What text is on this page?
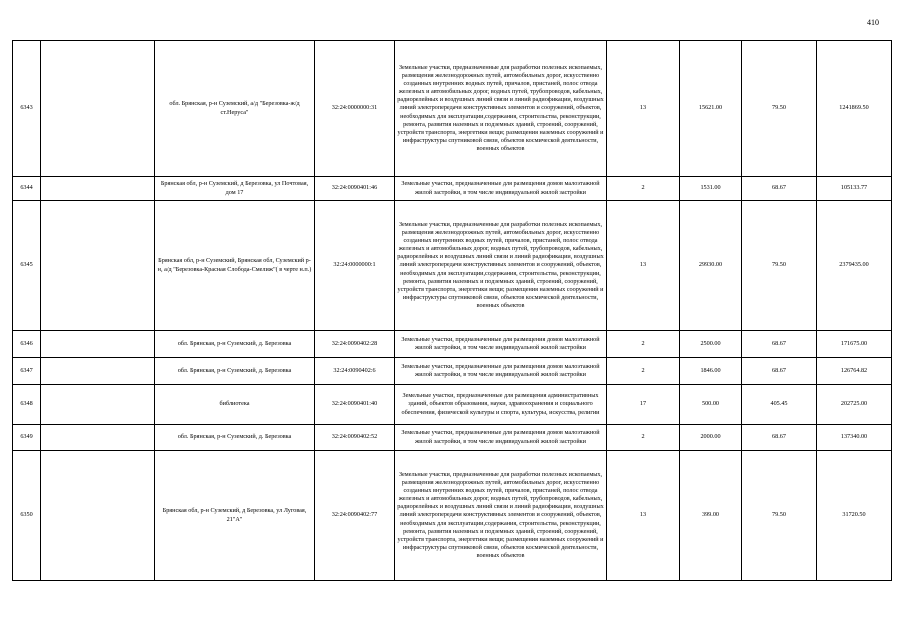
410
6343		обл. Брянская, р-н Суземский, а/д "Березовка-ж/д ст.Неруса"	32:24:0000000:31	Земельные участки, предназначенные для разработки полезных ископаемых, размещения железнодорожных путей, автомобильных дорог, искусственно созданных внутренних водных путей, причалов, пристаней, полос отвода железных и автомобильных дорог, водных путей, трубопроводов, кабельных, радиорелейных и воздушных линий связи и линий радиофикации, воздушных линий электропередачи конструктивных элементов и сооружений, объектов, необходимых для эксплуатации,содержания, строительства, реконструкции, ремонта, развития наземных и подземных зданий, строений, сооружений, устройств транспорта, энергетики вещи; размещения наземных сооружений и инфраструктуры спутниковой связи, объектов космической деятельности, военных объектов	13	15621.00	79.50	1241869.50
6344		Брянская обл, р-н Суземский, д Березовка, ул Почтовая, дом 17	32:24:0090401:46	Земельные участки, предназначенные для размещения домов малоэтажной жилой застройки, в том числе индивидуальной жилой застройки	2	1531.00	68.67	105133.77
6345		Брянская обл, р-н Суземский, Брянская обл, Суземский р-н, а/д "Березовка-Красная Слобода-Смелиж"( в черте н.п.)	32:24:0000000:1	Земельные участки, предназначенные для разработки полезных ископаемых, размещения железнодорожных путей, автомобильных дорог, искусственно созданных внутренних водных путей, причалов, пристаней, полос отвода железных и автомобильных дорог, водных путей, трубопроводов, кабельных, радиорелейных и воздушных линий связи и линий радиофикации, воздушных линий электропередачи конструктивных элементов и сооружений, объектов, необходимых для эксплуатации,содержания, строительства, реконструкции, ремонта, развития наземных и подземных зданий, строений, сооружений, устройств транспорта, энергетики вещи; размещения наземных сооружений и инфраструктуры спутниковой связи, объектов космической деятельности, военных объектов	13	29930.00	79.50	2379435.00
6346		обл. Брянская, р-н Суземский, д. Березовка	32:24:0090402:28	Земельные участки, предназначенные для размещения домов малоэтажной жилой застройки, в том числе индивидуальной жилой застройки	2	2500.00	68.67	171675.00
6347		обл. Брянская, р-н Суземский, д. Березовка	32:24:0090402:6	Земельные участки, предназначенные для размещения домов малоэтажной жилой застройки, в том числе индивидуальной жилой застройки	2	1846.00	68.67	126764.82
6348		библиотека	32:24:0090401:40	Земельные участки, предназначенные для размещения административных зданий, объектов образования, науки, здравоохранения и социального обеспечения, физической культуры и спорта, культуры, искусства, религии	17	500.00	405.45	202725.00
6349		обл. Брянская, р-н Суземский, д. Березовка	32:24:0090402:52	Земельные участки, предназначенные для размещения домов малоэтажной жилой застройки, в том числе индивидуальной жилой застройки	2	2000.00	68.67	137340.00
6350		Брянская обл, р-н Суземский, д Березовка, ул Луговая, 21"А"	32:24:0090402:77	Земельные участки, предназначенные для разработки полезных ископаемых, размещения железнодорожных путей, автомобильных дорог, искусственно созданных внутренних водных путей, причалов, пристаней, полос отвода железных и автомобильных дорог, водных путей, трубопроводов, кабельных, радиорелейных и воздушных линий связи и линий радиофикации, воздушных линий электропередачи конструктивных элементов и сооружений, объектов, необходимых для эксплуатации,содержания, строительства, реконструкции, ремонта, развития наземных и подземных зданий, строений, сооружений, устройств транспорта, энергетики вещи; размещения наземных сооружений и инфраструктуры спутниковой связи, объектов космической деятельности, военных объектов	13	399.00	79.50	31720.50
